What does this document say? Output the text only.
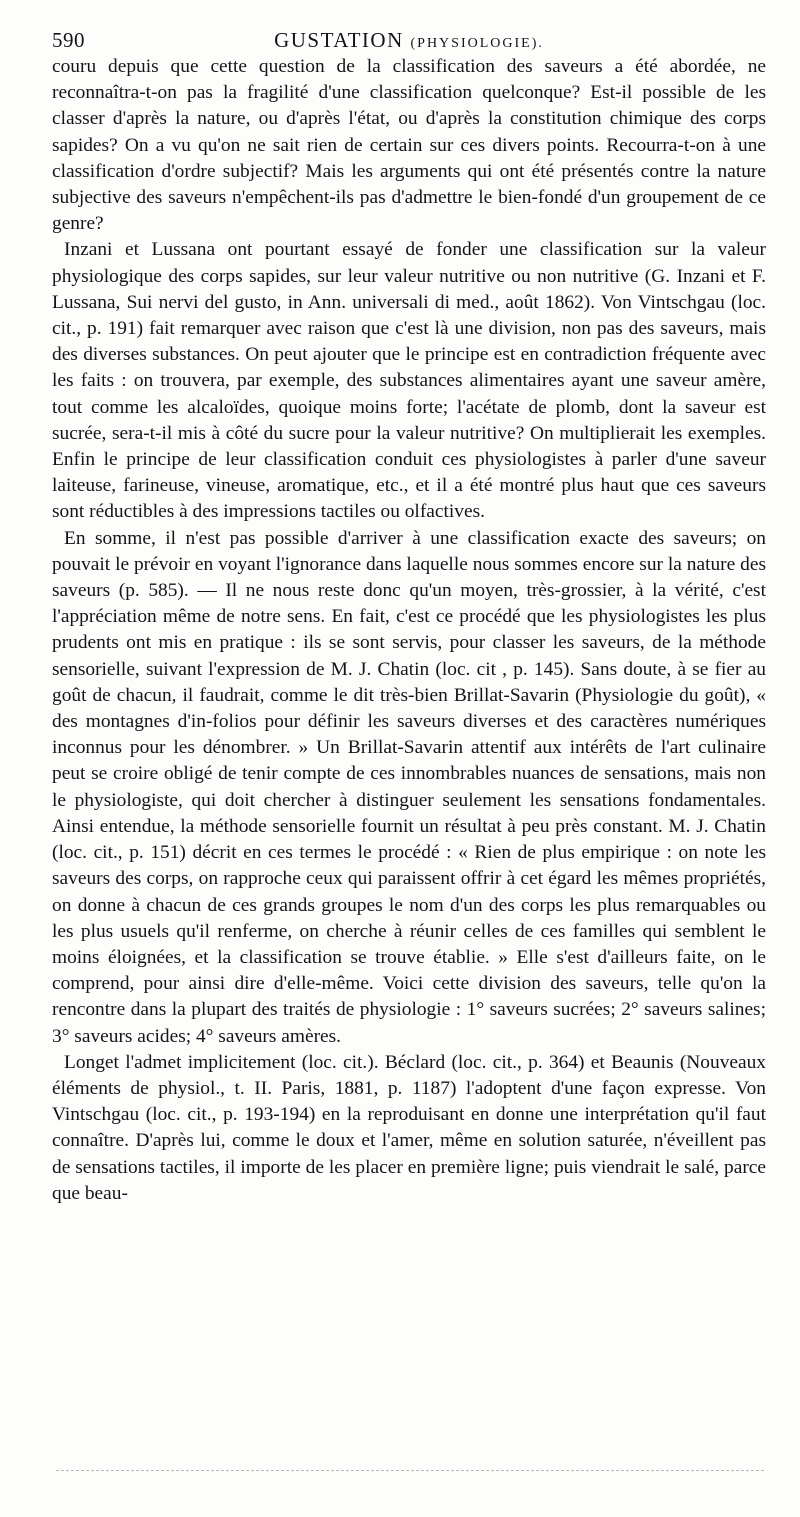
590	GUSTATION (PHYSIOLOGIE).

couru depuis que cette question de la classification des saveurs a été abordée, ne reconnaîtra-t-on pas la fragilité d'une classification quelconque? Est-il possible de les classer d'après la nature, ou d'après l'état, ou d'après la constitution chimique des corps sapides? On a vu qu'on ne sait rien de certain sur ces divers points. Recourra-t-on à une classification d'ordre subjectif? Mais les arguments qui ont été présentés contre la nature subjective des saveurs n'empêchent-ils pas d'admettre le bien-fondé d'un groupement de ce genre?

Inzani et Lussana ont pourtant essayé de fonder une classification sur la valeur physiologique des corps sapides, sur leur valeur nutritive ou non nutritive (G. Inzani et F. Lussana, Sui nervi del gusto, in Ann. universali di med., août 1862). Von Vintschgau (loc. cit., p. 191) fait remarquer avec raison que c'est là une division, non pas des saveurs, mais des diverses substances. On peut ajouter que le principe est en contradiction fréquente avec les faits : on trouvera, par exemple, des substances alimentaires ayant une saveur amère, tout comme les alcaloïdes, quoique moins forte; l'acétate de plomb, dont la saveur est sucrée, sera-t-il mis à côté du sucre pour la valeur nutritive? On multiplierait les exemples. Enfin le principe de leur classification conduit ces physiologistes à parler d'une saveur laiteuse, farineuse, vineuse, aromatique, etc., et il a été montré plus haut que ces saveurs sont réductibles à des impressions tactiles ou olfactives.

En somme, il n'est pas possible d'arriver à une classification exacte des saveurs; on pouvait le prévoir en voyant l'ignorance dans laquelle nous sommes encore sur la nature des saveurs (p. 585). — Il ne nous reste donc qu'un moyen, très-grossier, à la vérité, c'est l'appréciation même de notre sens. En fait, c'est ce procédé que les physiologistes les plus prudents ont mis en pratique : ils se sont servis, pour classer les saveurs, de la méthode sensorielle, suivant l'expression de M. J. Chatin (loc. cit , p. 145). Sans doute, à se fier au goût de chacun, il faudrait, comme le dit très-bien Brillat-Savarin (Physiologie du goût), « des montagnes d'in-folios pour définir les saveurs diverses et des caractères numériques inconnus pour les dénombrer. » Un Brillat-Savarin attentif aux intérêts de l'art culinaire peut se croire obligé de tenir compte de ces innombrables nuances de sensations, mais non le physiologiste, qui doit chercher à distinguer seulement les sensations fondamentales. Ainsi entendue, la méthode sensorielle fournit un résultat à peu près constant. M. J. Chatin (loc. cit., p. 151) décrit en ces termes le procédé : « Rien de plus empirique : on note les saveurs des corps, on rapproche ceux qui paraissent offrir à cet égard les mêmes propriétés, on donne à chacun de ces grands groupes le nom d'un des corps les plus remarquables ou les plus usuels qu'il renferme, on cherche à réunir celles de ces familles qui semblent le moins éloignées, et la classification se trouve établie. » Elle s'est d'ailleurs faite, on le comprend, pour ainsi dire d'elle-même. Voici cette division des saveurs, telle qu'on la rencontre dans la plupart des traités de physiologie : 1° saveurs sucrées; 2° saveurs salines; 3° saveurs acides; 4° saveurs amères.

Longet l'admet implicitement (loc. cit.). Béclard (loc. cit., p. 364) et Beaunis (Nouveaux éléments de physiol., t. II. Paris, 1881, p. 1187) l'adoptent d'une façon expresse. Von Vintschgau (loc. cit., p. 193-194) en la reproduisant en donne une interprétation qu'il faut connaître. D'après lui, comme le doux et l'amer, même en solution saturée, n'éveillent pas de sensations tactiles, il importe de les placer en première ligne; puis viendrait le salé, parce que beau-
